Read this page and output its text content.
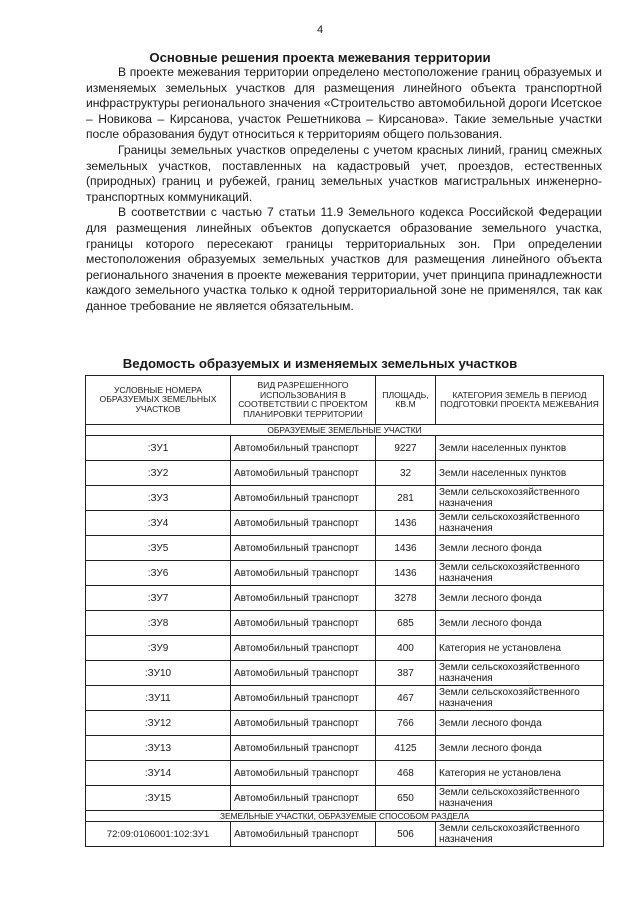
4
Основные решения проекта межевания территории

В проекте межевания территории определено местоположение границ образуемых и изменяемых земельных участков для размещения линейного объекта транспортной инфраструктуры регионального значения «Строительство автомобильной дороги Исетское – Новикова – Кирсанова, участок Решетникова – Кирсанова». Такие земельные участки после образования будут относиться к территориям общего пользования.

Границы земельных участков определены с учетом красных линий, границ смежных земельных участков, поставленных на кадастровый учет, проездов, естественных (природных) границ и рубежей, границ земельных участков магистральных инженерно-транспортных коммуникаций.

В соответствии с частью 7 статьи 11.9 Земельного кодекса Российской Федерации для размещения линейных объектов допускается образование земельного участка, границы которого пересекают границы территориальных зон. При определении местоположения образуемых земельных участков для размещения линейного объекта регионального значения в проекте межевания территории, учет принципа принадлежности каждого земельного участка только к одной территориальной зоне не применялся, так как данное требование не является обязательным.

Ведомость образуемых и изменяемых земельных участков
УСЛОВНЫЕ НОМЕРА ОБРАЗУЕМЫХ ЗЕМЕЛЬНЫХ УЧАСТКОВ	ВИД РАЗРЕШЕННОГО ИСПОЛЬЗОВАНИЯ В СООТВЕТСТВИИ С ПРОЕКТОМ ПЛАНИРОВКИ ТЕРРИТОРИИ	ПЛОЩАДЬ, КВ.М	КАТЕГОРИЯ ЗЕМЕЛЬ В ПЕРИОД ПОДГОТОВКИ ПРОЕКТА МЕЖЕВАНИЯ
ОБРАЗУЕМЫЕ ЗЕМЕЛЬНЫЕ УЧАСТКИ			
:ЗУ1	Автомобильный транспорт	9227	Земли населенных пунктов
:ЗУ2	Автомобильный транспорт	32	Земли населенных пунктов
:ЗУ3	Автомобильный транспорт	281	Земли сельскохозяйственного назначения
:ЗУ4	Автомобильный транспорт	1436	Земли сельскохозяйственного назначения
:ЗУ5	Автомобильный транспорт	1436	Земли лесного фонда
:ЗУ6	Автомобильный транспорт	1436	Земли сельскохозяйственного назначения
:ЗУ7	Автомобильный транспорт	3278	Земли лесного фонда
:ЗУ8	Автомобильный транспорт	685	Земли лесного фонда
:ЗУ9	Автомобильный транспорт	400	Категория не установлена
:ЗУ10	Автомобильный транспорт	387	Земли сельскохозяйственного назначения
:ЗУ11	Автомобильный транспорт	467	Земли сельскохозяйственного назначения
:ЗУ12	Автомобильный транспорт	766	Земли лесного фонда
:ЗУ13	Автомобильный транспорт	4125	Земли лесного фонда
:ЗУ14	Автомобильный транспорт	468	Категория не установлена
:ЗУ15	Автомобильный транспорт	650	Земли сельскохозяйственного назначения
ЗЕМЕЛЬНЫЕ УЧАСТКИ, ОБРАЗУЕМЫЕ СПОСОБОМ РАЗДЕЛА			
72:09:0106001:102:ЗУ1	Автомобильный транспорт	506	Земли сельскохозяйственного назначения
